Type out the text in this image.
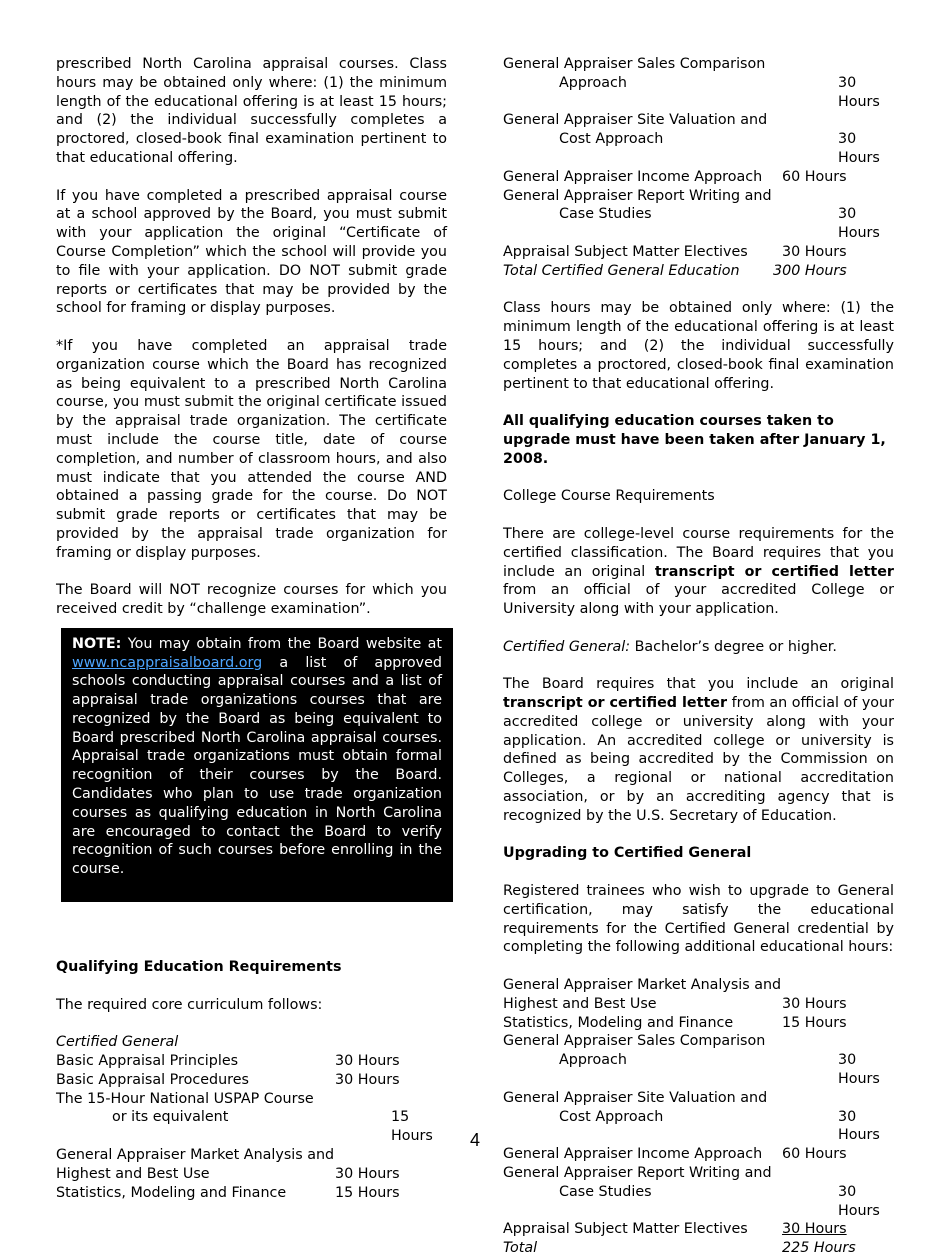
prescribed North Carolina appraisal courses. Class hours may be obtained only where: (1) the minimum length of the educational offering is at least 15 hours; and (2) the individual successfully completes a proctored, closed-book final examination pertinent to that educational offering.

If you have completed a prescribed appraisal course at a school approved by the Board, you must submit with your application the original “Certificate of Course Completion” which the school will provide you to file with your application. DO NOT submit grade reports or certificates that may be provided by the school for framing or display purposes.

*If you have completed an appraisal trade organization course which the Board has recognized as being equivalent to a prescribed North Carolina course, you must submit the original certificate issued by the appraisal trade organization. The certificate must include the course title, date of course completion, and number of classroom hours, and also must indicate that you attended the course AND obtained a passing grade for the course. Do NOT submit grade reports or certificates that may be provided by the appraisal trade organization for framing or display purposes.

The Board will NOT recognize courses for which you received credit by “challenge examination”.

NOTE: You may obtain from the Board website at www.ncappraisalboard.org a list of approved schools conducting appraisal courses and a list of appraisal trade organizations courses that are recognized by the Board as being equivalent to Board prescribed North Carolina appraisal courses. Appraisal trade organizations must obtain formal recognition of their courses by the Board. Candidates who plan to use trade organization courses as qualifying education in North Carolina are encouraged to contact the Board to verify recognition of such courses before enrolling in the course.

Qualifying Education Requirements

The required core curriculum follows:

Certified General
Basic Appraisal Principles	30 Hours
Basic Appraisal Procedures	30 Hours
The 15-Hour National USPAP Course
or its equivalent	15 Hours
General Appraiser Market Analysis and
Highest and Best Use	30 Hours
Statistics, Modeling and Finance	15 Hours
General Appraiser Sales Comparison
Approach	30 Hours
General Appraiser Site Valuation and
Cost Approach	30 Hours
General Appraiser Income Approach	60 Hours
General Appraiser Report Writing and
Case Studies	30 Hours
Appraisal Subject Matter Electives	30 Hours
Total Certified General Education	300 Hours

Class hours may be obtained only where: (1) the minimum length of the educational offering is at least 15 hours; and (2) the individual successfully completes a proctored, closed-book final examination pertinent to that educational offering.

All qualifying education courses taken to upgrade must have been taken after January 1, 2008.

College Course Requirements

There are college-level course requirements for the certified classification. The Board requires that you include an original transcript or certified letter from an official of your accredited College or University along with your application.

Certified General: Bachelor’s degree or higher.

The Board requires that you include an original transcript or certified letter from an official of your accredited college or university along with your application. An accredited college or university is defined as being accredited by the Commission on Colleges, a regional or national accreditation association, or by an accrediting agency that is recognized by the U.S. Secretary of Education.

Upgrading to Certified General

Registered trainees who wish to upgrade to General certification, may satisfy the educational requirements for the Certified General credential by completing the following additional educational hours:

General Appraiser Market Analysis and
Highest and Best Use	30 Hours
Statistics, Modeling and Finance	15 Hours
General Appraiser Sales Comparison
Approach	30 Hours
General Appraiser Site Valuation and
Cost Approach	30 Hours
General Appraiser Income Approach	60 Hours
General Appraiser Report Writing and
Case Studies	30 Hours
Appraisal Subject Matter Electives	30 Hours
Total	225 Hours
4
